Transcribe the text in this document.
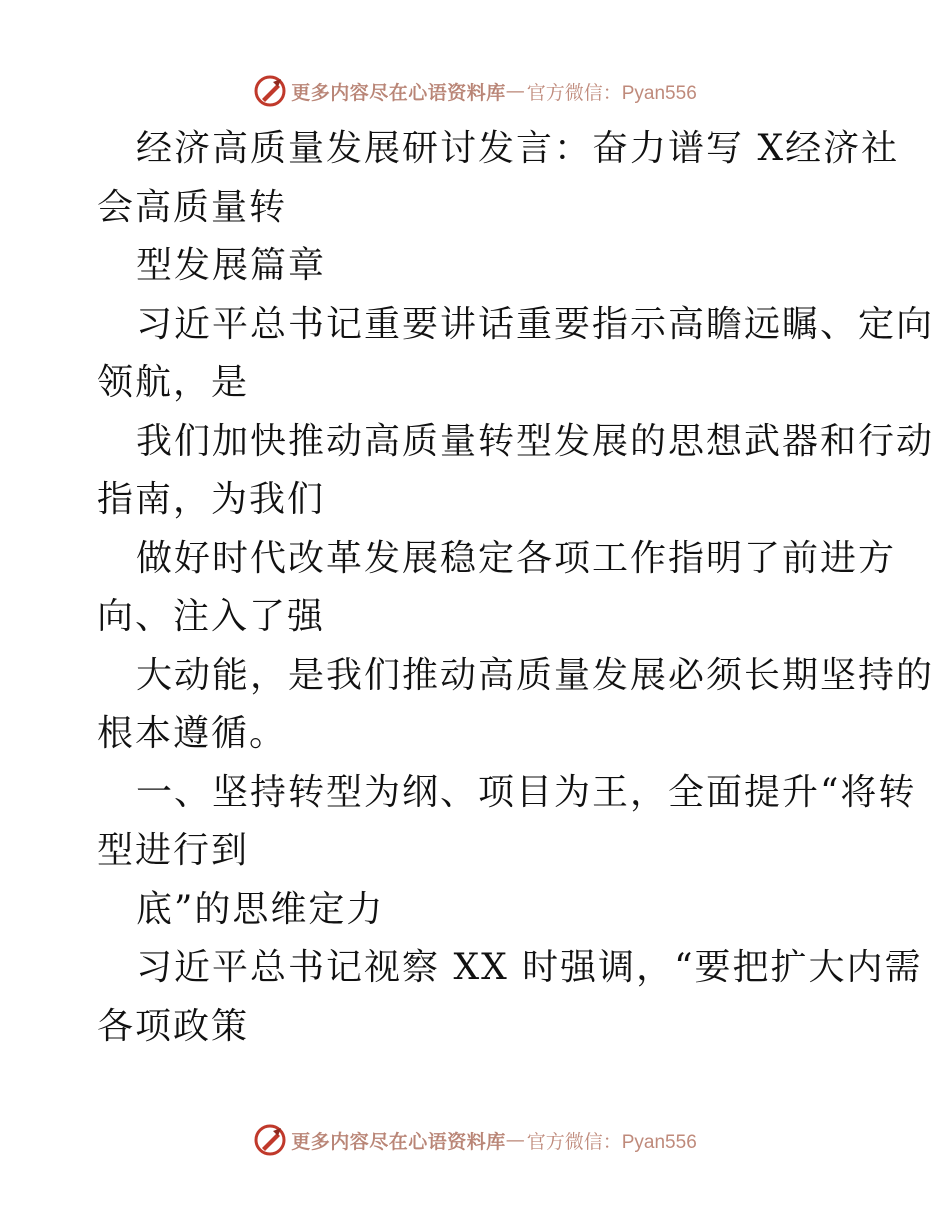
更多内容尽在心语资料库 — 官方微信：Pyan556
经济高质量发展研讨发言：奋力谱写 X经济社
会高质量转
型发展篇章
习近平总书记重要讲话重要指示高瞻远瞩、定向
领航，是
我们加快推动高质量转型发展的思想武器和行动
指南，为我们
做好时代改革发展稳定各项工作指明了前进方
向、注入了强
大动能，是我们推动高质量发展必须长期坚持的
根本遵循。
一、坚持转型为纲、项目为王，全面提升“将转
型进行到
底”的思维定力
习近平总书记视察 XX 时强调，“要把扩大内需
各项政策
更多内容尽在心语资料库 — 官方微信：Pyan556
